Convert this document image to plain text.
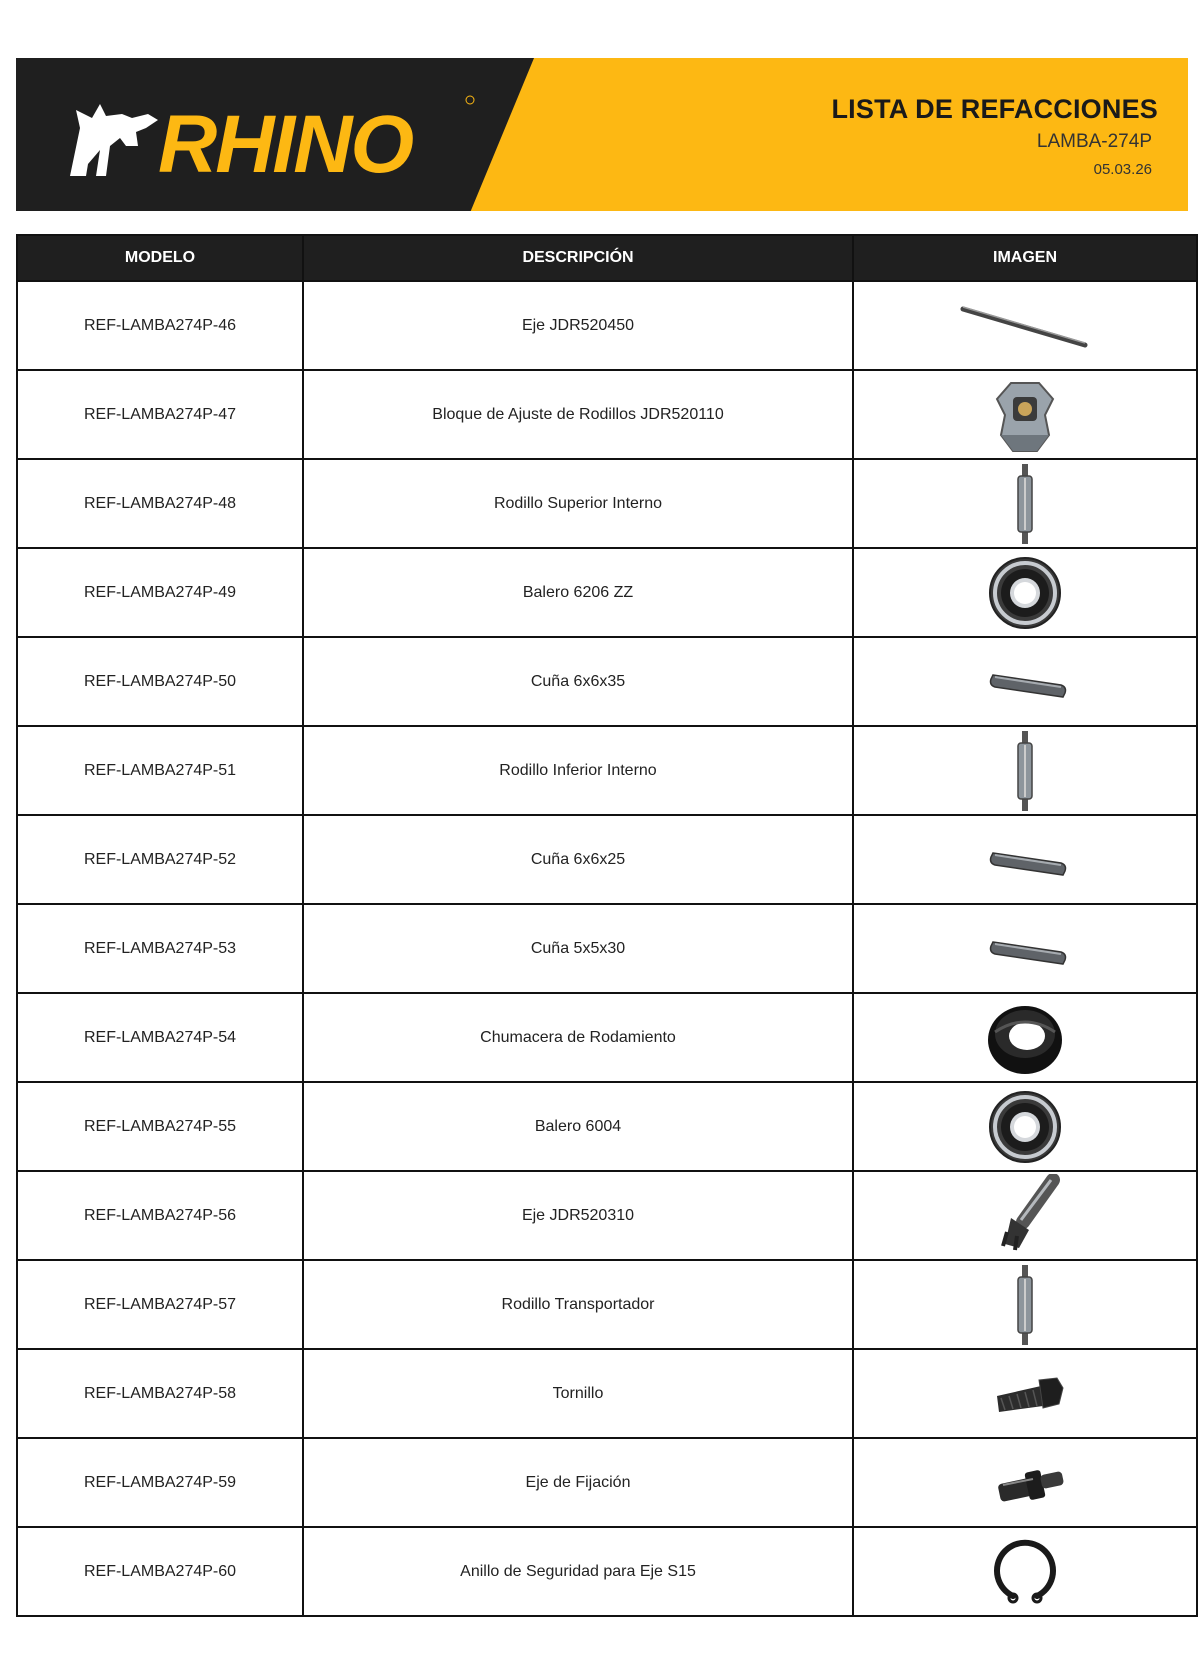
RHINO	LISTA DE REFACCIONES
LAMBA-274P
05.03.26
MODELO	DESCRIPCIÓN	IMAGEN
REF-LAMBA274P-46	Eje JDR520450	

REF-LAMBA274P-47	Bloque de Ajuste de Rodillos JDR520110	

REF-LAMBA274P-48	Rodillo Superior Interno	

REF-LAMBA274P-49	Balero 6206 ZZ	

REF-LAMBA274P-50	Cuña 6x6x35	

REF-LAMBA274P-51	Rodillo Inferior Interno	

REF-LAMBA274P-52	Cuña 6x6x25	

REF-LAMBA274P-53	Cuña 5x5x30	

REF-LAMBA274P-54	Chumacera de Rodamiento	

REF-LAMBA274P-55	Balero 6004	

REF-LAMBA274P-56	Eje JDR520310	

REF-LAMBA274P-57	Rodillo Transportador	

REF-LAMBA274P-58	Tornillo	

REF-LAMBA274P-59	Eje de Fijación	

REF-LAMBA274P-60	Anillo de Seguridad para Eje S15	
